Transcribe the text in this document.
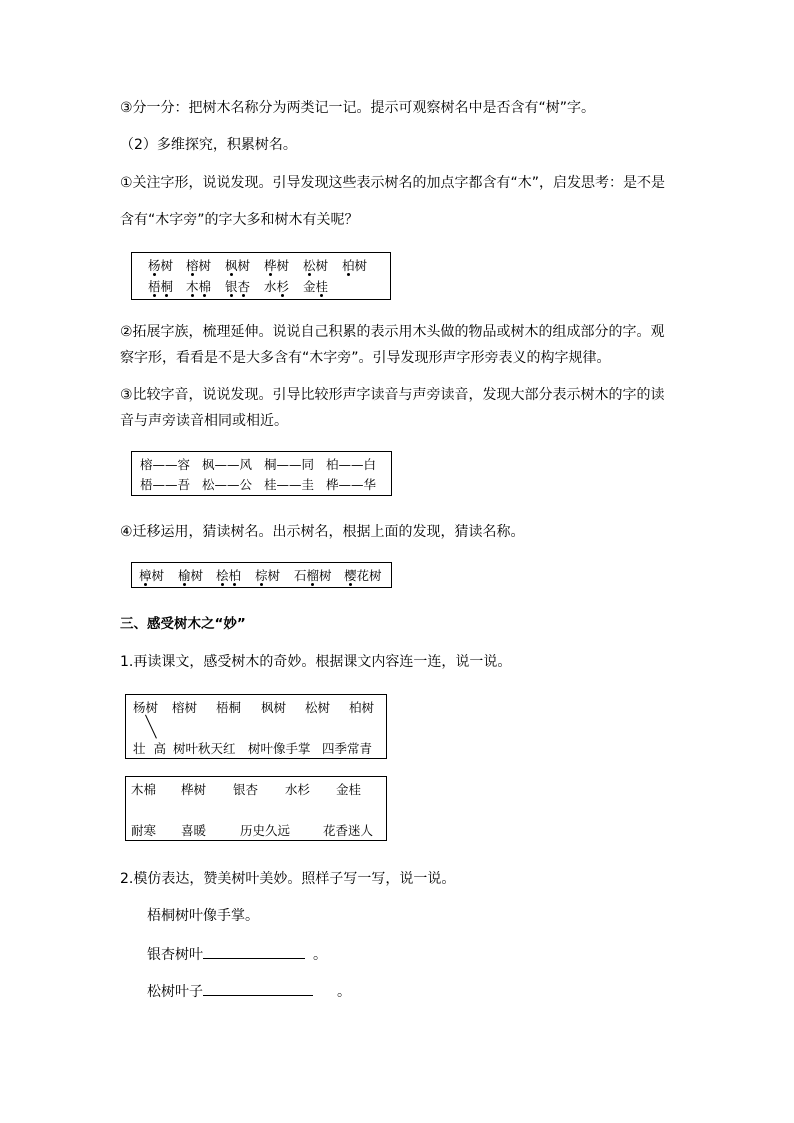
③分一分：把树木名称分为两类记一记。提示可观察树名中是否含有“树”字。
（2）多维探究，积累树名。
①关注字形，说说发现。引导发现这些表示树名的加点字都含有“木”，启发思考：是不是
含有“木字旁”的字大多和树木有关呢？
杨树 榕树 枫树 桦树 松树 柏树
梧桐 木棉 银杏 水杉 金桂
②拓展字族，梳理延伸。说说自己积累的表示用木头做的物品或树木的组成部分的字。观
察字形，看看是不是大多含有“木字旁”。引导发现形声字形旁表义的构字规律。
③比较字音，说说发现。引导比较形声字读音与声旁读音，发现大部分表示树木的字的读
音与声旁读音相同或相近。
榕——容 枫——风 桐——同 柏——白
梧——吾 松——公 桂——圭 桦——华
④迁移运用，猜读树名。出示树名，根据上面的发现，猜读名称。
樟树 榆树 桧柏 棕树 石榴树 樱花树
三、感受树木之“妙”
1.再读课文，感受树木的奇妙。根据课文内容连一连，说一说。
杨树 榕树 梧桐 枫树 松树 柏树
壮  高 树叶秋天红 树叶像手掌 四季常青
木棉 桦树 银杏 水杉 金桂
耐寒 喜暖	历史久远	花香迷人
2.模仿表达，赞美树叶美妙。照样子写一写，说一说。
梧桐树叶像手掌。
银杏树叶	。
松树叶子	。
